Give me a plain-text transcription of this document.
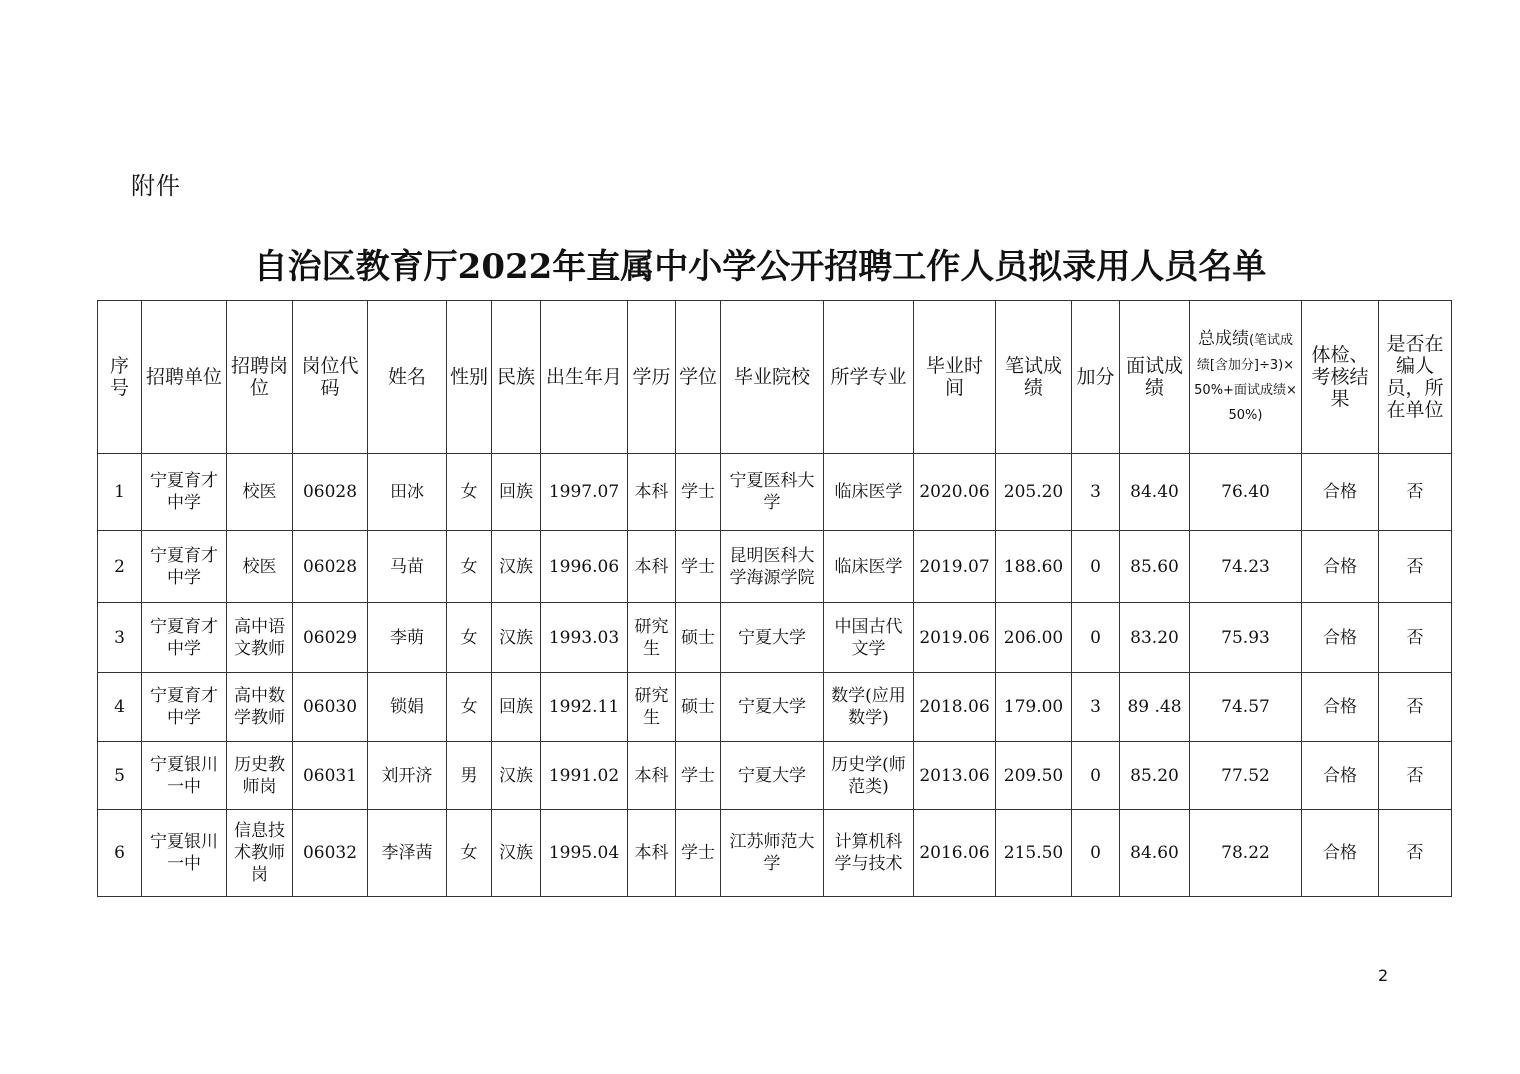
附件
自治区教育厅2022年直属中小学公开招聘工作人员拟录用人员名单
序号	招聘单位	招聘岗位	岗位代码	姓名	性别	民族	出生年月	学历	学位	毕业院校	所学专业	毕业时间	笔试成绩	加分	面试成绩	总成绩(笔试成绩[含加分]÷3)×50%+面试成绩×50%)	体检、考核结果	是否在编人员，所在单位
1	宁夏育才中学	校医	06028	田冰	女	回族	1997.07	本科	学士	宁夏医科大学	临床医学	2020.06	205.20	3	84.40	76.40	合格	否
2	宁夏育才中学	校医	06028	马苗	女	汉族	1996.06	本科	学士	昆明医科大学海源学院	临床医学	2019.07	188.60	0	85.60	74.23	合格	否
3	宁夏育才中学	高中语文教师	06029	李萌	女	汉族	1993.03	研究生	硕士	宁夏大学	中国古代文学	2019.06	206.00	0	83.20	75.93	合格	否
4	宁夏育才中学	高中数学教师	06030	锁娟	女	回族	1992.11	研究生	硕士	宁夏大学	数学(应用数学)	2018.06	179.00	3	89 .48	74.57	合格	否
5	宁夏银川一中	历史教师岗	06031	刘开济	男	汉族	1991.02	本科	学士	宁夏大学	历史学(师范类)	2013.06	209.50	0	85.20	77.52	合格	否
6	宁夏银川一中	信息技术教师岗	06032	李泽茜	女	汉族	1995.04	本科	学士	江苏师范大学	计算机科学与技术	2016.06	215.50	0	84.60	78.22	合格	否
2
